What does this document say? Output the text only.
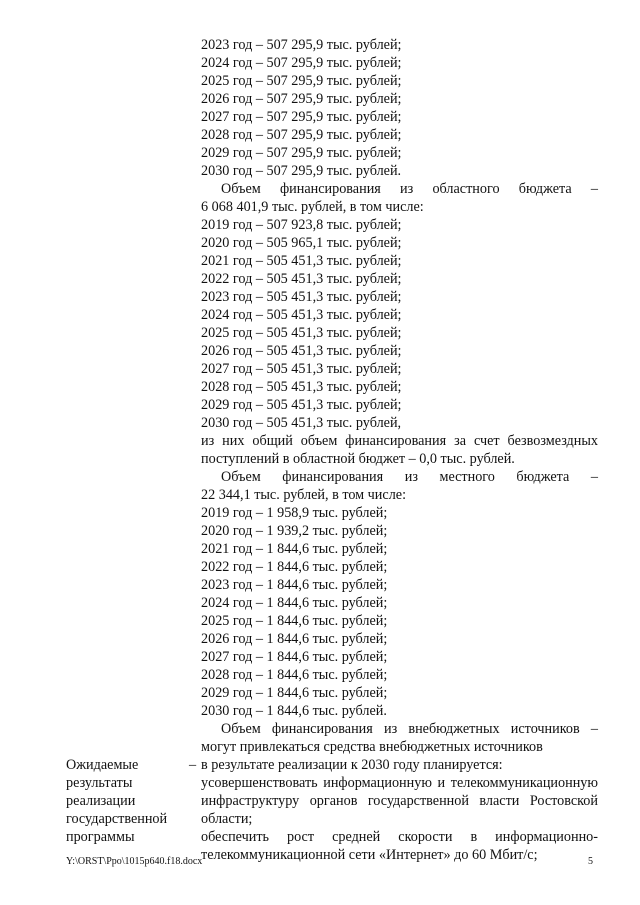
Ожидаемые
результаты
реализации
государственной
программы
–
2023 год – 507 295,9 тыс. рублей;
2024 год – 507 295,9 тыс. рублей;
2025 год – 507 295,9 тыс. рублей;
2026 год – 507 295,9 тыс. рублей;
2027 год – 507 295,9 тыс. рублей;
2028 год – 507 295,9 тыс. рублей;
2029 год – 507 295,9 тыс. рублей;
2030 год – 507 295,9 тыс. рублей.
Объем финансирования из областного бюджета –
6 068 401,9 тыс. рублей, в том числе:
2019 год – 507 923,8 тыс. рублей;
2020 год – 505 965,1 тыс. рублей;
2021 год – 505 451,3 тыс. рублей;
2022 год – 505 451,3 тыс. рублей;
2023 год – 505 451,3 тыс. рублей;
2024 год – 505 451,3 тыс. рублей;
2025 год – 505 451,3 тыс. рублей;
2026 год – 505 451,3 тыс. рублей;
2027 год – 505 451,3 тыс. рублей;
2028 год – 505 451,3 тыс. рублей;
2029 год – 505 451,3 тыс. рублей;
2030 год – 505 451,3 тыс. рублей,
из них общий объем финансирования за счет безвозмездных
поступлений в областной бюджет – 0,0 тыс. рублей.
Объем финансирования из местного бюджета –
22 344,1 тыс. рублей, в том числе:
2019 год – 1 958,9 тыс. рублей;
2020 год – 1 939,2 тыс. рублей;
2021 год – 1 844,6 тыс. рублей;
2022 год – 1 844,6 тыс. рублей;
2023 год – 1 844,6 тыс. рублей;
2024 год – 1 844,6 тыс. рублей;
2025 год – 1 844,6 тыс. рублей;
2026 год – 1 844,6 тыс. рублей;
2027 год – 1 844,6 тыс. рублей;
2028 год – 1 844,6 тыс. рублей;
2029 год – 1 844,6 тыс. рублей;
2030 год – 1 844,6 тыс. рублей.
Объем финансирования из внебюджетных источников –
могут привлекаться средства внебюджетных источников
в результате реализации к 2030 году планируется:
усовершенствовать информационную и телекоммуникационную
инфраструктуру органов государственной власти Ростовской
области;
обеспечить рост средней скорости в информационно-
телекоммуникационной сети «Интернет» до 60 Мбит/с;
Y:\ORST\Ppo\1015p640.f18.docx	5
